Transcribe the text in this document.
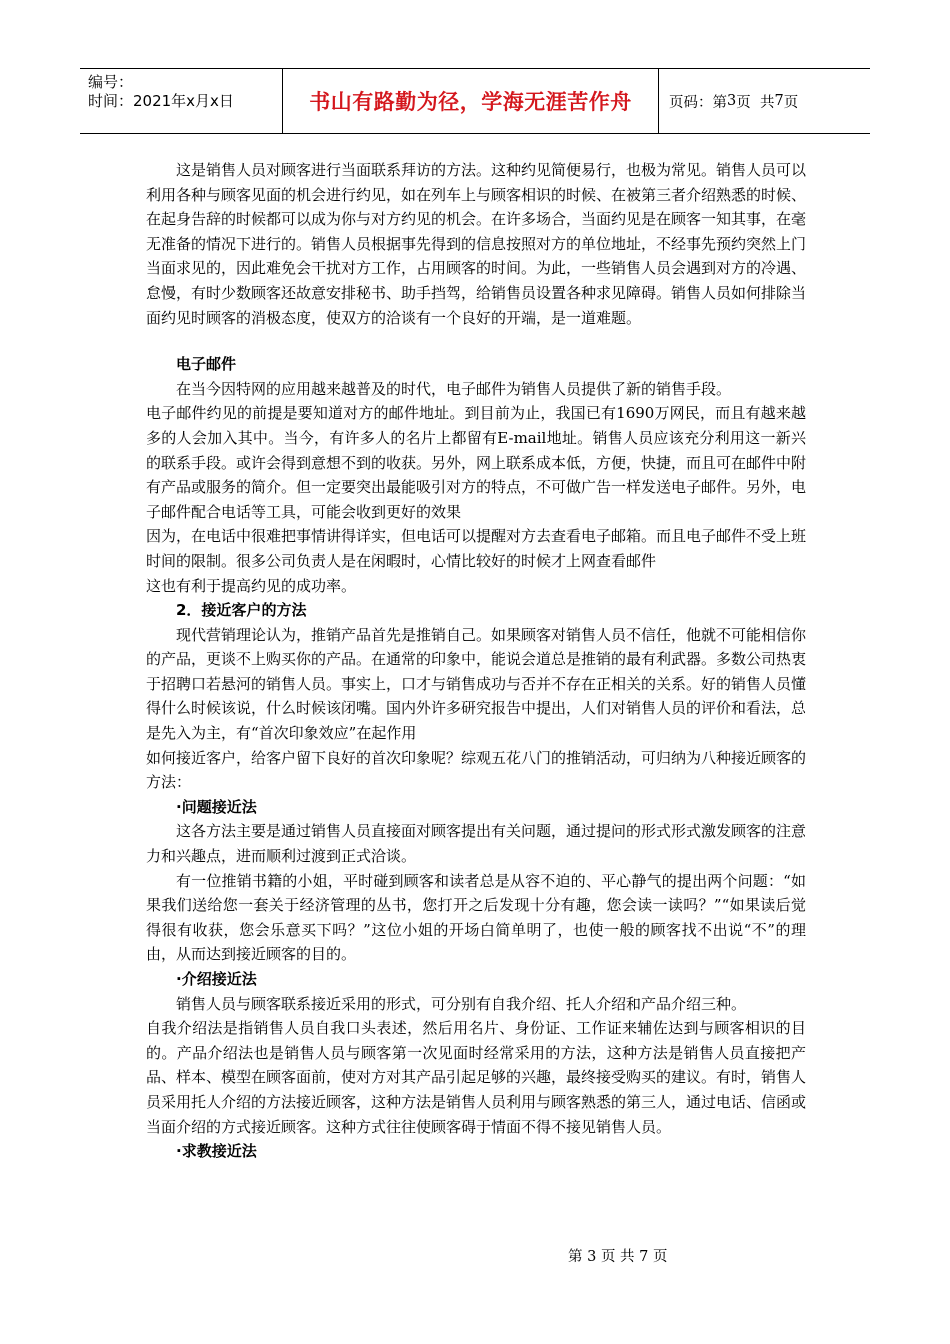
编号：
时间：2021年x月x日	书山有路勤为径，学海无涯苦作舟	页码：第 3 页  共 7 页

这是销售人员对顾客进行当面联系拜访的方法。这种约见简便易行，也极为常见。销售人员可以利用各种与顾客见面的机会进行约见，如在列车上与顾客相识的时候、在被第三者介绍熟悉的时候、在起身告辞的时候都可以成为你与对方约见的机会。在许多场合，当面约见是在顾客一知其事，在毫无准备的情况下进行的。销售人员根据事先得到的信息按照对方的单位地址，不经事先预约突然上门当面求见的，因此难免会干扰对方工作，占用顾客的时间。为此，一些销售人员会遇到对方的冷遇、怠慢，有时少数顾客还故意安排秘书、助手挡驾，给销售员设置各种求见障碍。销售人员如何排除当面约见时顾客的消极态度，使双方的洽谈有一个良好的开端，是一道难题。

电子邮件

在当今因特网的应用越来越普及的时代，电子邮件为销售人员提供了新的销售手段。

电子邮件约见的前提是要知道对方的邮件地址。到目前为止，我国已有1690万网民，而且有越来越多的人会加入其中。当今，有许多人的名片上都留有E-mail地址。销售人员应该充分利用这一新兴的联系手段。或许会得到意想不到的收获。另外，网上联系成本低，方便，快捷，而且可在邮件中附有产品或服务的简介。但一定要突出最能吸引对方的特点，不可做广告一样发送电子邮件。另外，电子邮件配合电话等工具，可能会收到更好的效果

因为，在电话中很难把事情讲得详实，但电话可以提醒对方去查看电子邮箱。而且电子邮件不受上班时间的限制。很多公司负责人是在闲暇时，心情比较好的时候才上网查看邮件

这也有利于提高约见的成功率。

2．接近客户的方法

现代营销理论认为，推销产品首先是推销自己。如果顾客对销售人员不信任，他就不可能相信你的产品，更谈不上购买你的产品。在通常的印象中，能说会道总是推销的最有利武器。多数公司热衷于招聘口若悬河的销售人员。事实上，口才与销售成功与否并不存在正相关的关系。好的销售人员懂得什么时候该说，什么时候该闭嘴。国内外许多研究报告中提出，人们对销售人员的评价和看法，总是先入为主，有“首次印象效应”在起作用

如何接近客户，给客户留下良好的首次印象呢？综观五花八门的推销活动，可归纳为八种接近顾客的方法：

·问题接近法

这各方法主要是通过销售人员直接面对顾客提出有关问题，通过提问的形式形式激发顾客的注意力和兴趣点，进而顺利过渡到正式洽谈。

有一位推销书籍的小姐，平时碰到顾客和读者总是从容不迫的、平心静气的提出两个问题：“如果我们送给您一套关于经济管理的丛书，您打开之后发现十分有趣，您会读一读吗？”“如果读后觉得很有收获，您会乐意买下吗？”这位小姐的开场白简单明了，也使一般的顾客找不出说“不”的理由，从而达到接近顾客的目的。

·介绍接近法

销售人员与顾客联系接近采用的形式，可分别有自我介绍、托人介绍和产品介绍三种。

自我介绍法是指销售人员自我口头表述，然后用名片、身份证、工作证来辅佐达到与顾客相识的目的。产品介绍法也是销售人员与顾客第一次见面时经常采用的方法，这种方法是销售人员直接把产品、样本、模型在顾客面前，使对方对其产品引起足够的兴趣，最终接受购买的建议。有时，销售人员采用托人介绍的方法接近顾客，这种方法是销售人员利用与顾客熟悉的第三人，通过电话、信函或当面介绍的方式接近顾客。这种方式往往使顾客碍于情面不得不接见销售人员。

·求教接近法

第 3 页 共 7 页
